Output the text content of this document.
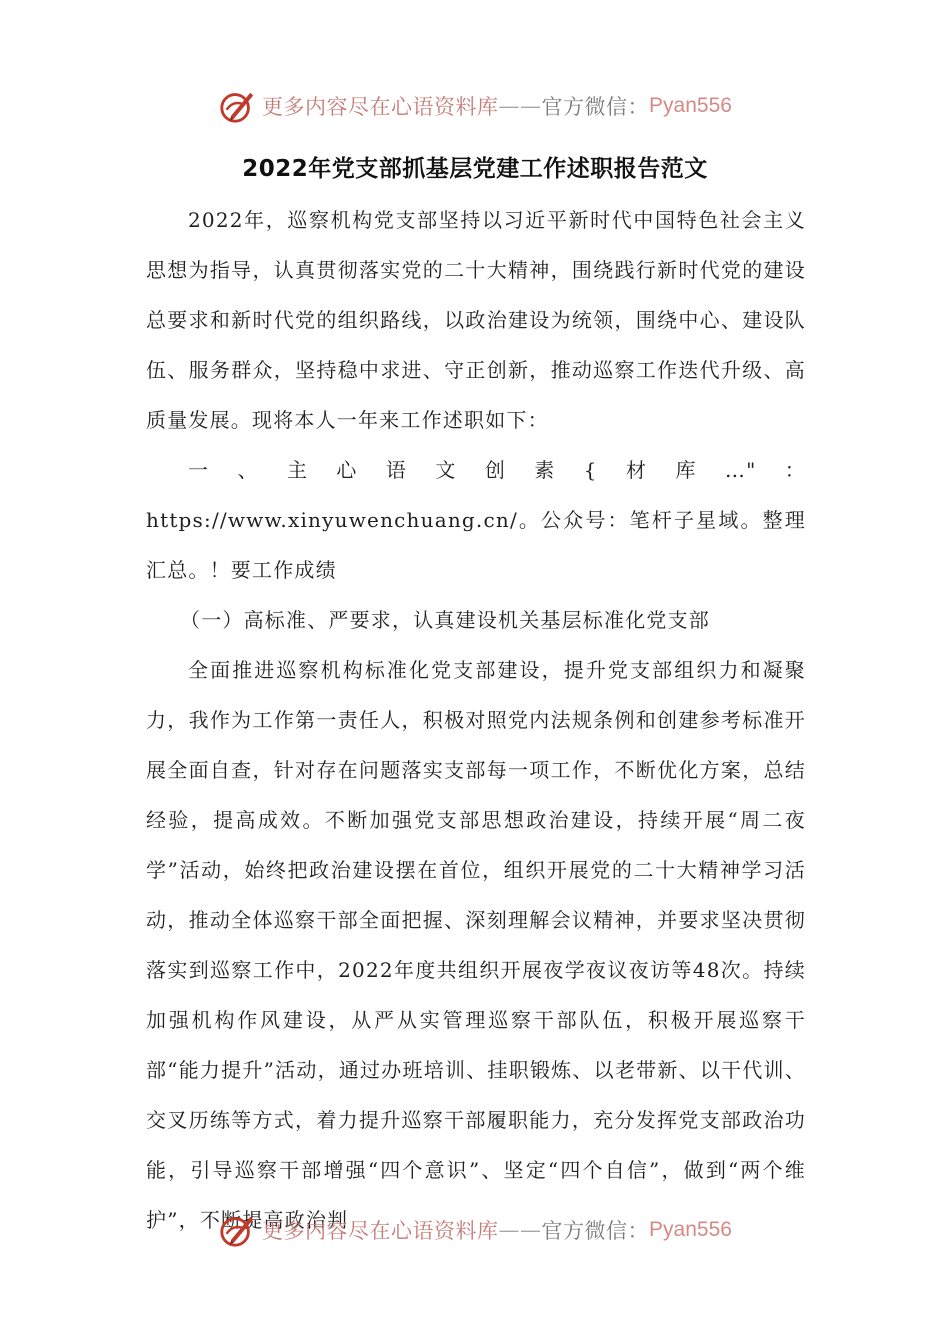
更多内容尽在心语资料库 —— 官方微信： Pyan556
2022年党支部抓基层党建工作述职报告范文

2022年，巡察机构党支部坚持以习近平新时代中国特色社会主义思想为指导，认真贯彻落实党的二十大精神，围绕践行新时代党的建设总要求和新时代党的组织路线，以政治建设为统领，围绕中心、建设队伍、服务群众，坚持稳中求进、守正创新，推动巡察工作迭代升级、高质量发展。现将本人一年来工作述职如下：

一、主心语文创素{材库…"：https://www.xinyuwenchuang.cn/。公众号：笔杆子星域。整理汇总。！要工作成绩

（一）高标准、严要求，认真建设机关基层标准化党支部

全面推进巡察机构标准化党支部建设，提升党支部组织力和凝聚力，我作为工作第一责任人，积极对照党内法规条例和创建参考标准开展全面自查，针对存在问题落实支部每一项工作，不断优化方案，总结经验，提高成效。不断加强党支部思想政治建设，持续开展“周二夜学”活动，始终把政治建设摆在首位，组织开展党的二十大精神学习活动，推动全体巡察干部全面把握、深刻理解会议精神，并要求坚决贯彻落实到巡察工作中，2022年度共组织开展夜学夜议夜访等48次。持续加强机构作风建设，从严从实管理巡察干部队伍，积极开展巡察干部“能力提升”活动，通过办班培训、挂职锻炼、以老带新、以干代训、交叉历练等方式，着力提升巡察干部履职能力，充分发挥党支部政治功能，引导巡察干部增强“四个意识”、坚定“四个自信”，做到“两个维护”，不断提高政治判

更多内容尽在心语资料库 —— 官方微信： Pyan556
